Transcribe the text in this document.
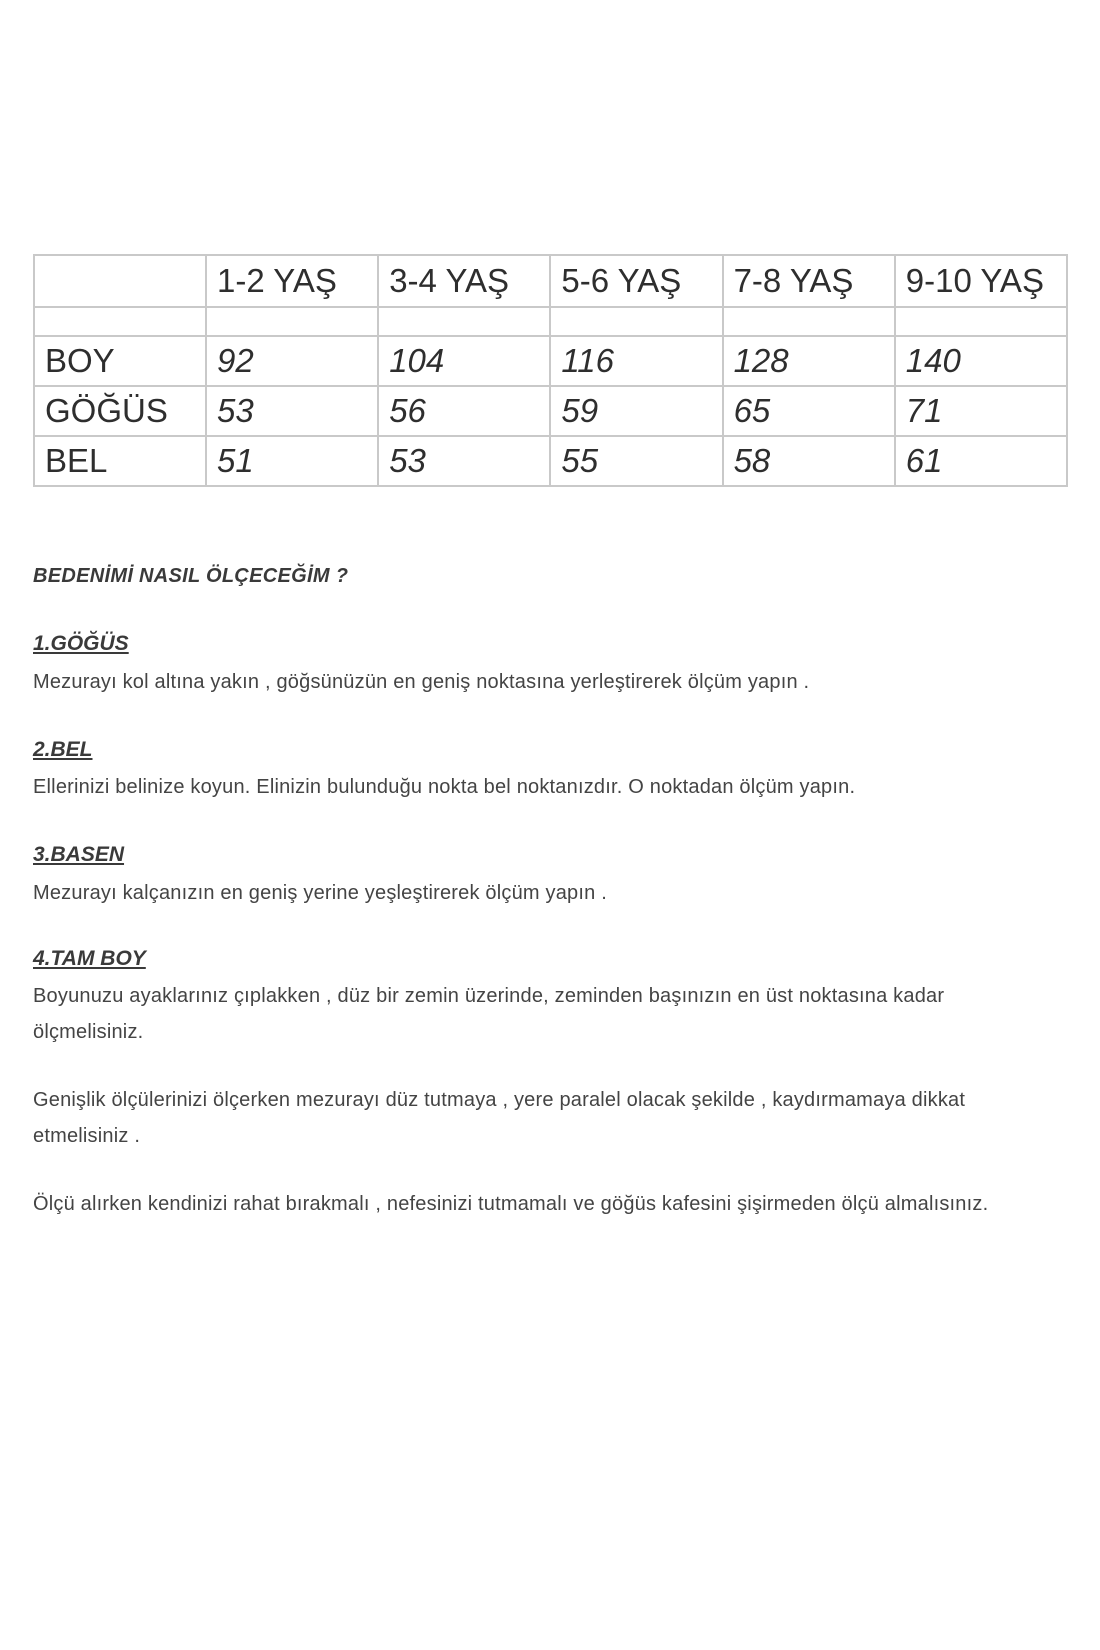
	1-2 YAŞ	3-4 YAŞ	5-6 YAŞ	7-8 YAŞ	9-10 YAŞ

BOY	92	104	116	128	140
GÖĞÜS	53	56	59	65	71
BEL	51	53	55	58	61
BEDENİMİ NASIL ÖLÇECEĞİM ?
1.GÖĞÜS
Mezurayı kol altına yakın , göğsünüzün en geniş noktasına yerleştirerek ölçüm yapın .
2.BEL
Ellerinizi belinize koyun. Elinizin bulunduğu nokta bel noktanızdır. O noktadan ölçüm yapın.
3.BASEN
Mezurayı kalçanızın en geniş yerine yeşleştirerek ölçüm yapın .
4.TAM BOY
Boyunuzu ayaklarınız çıplakken , düz bir zemin üzerinde, zeminden başınızın en üst noktasına kadar ölçmelisiniz.
Genişlik ölçülerinizi ölçerken mezurayı düz tutmaya , yere paralel olacak şekilde , kaydırmamaya dikkat etmelisiniz .
Ölçü alırken kendinizi rahat bırakmalı , nefesinizi tutmamalı ve göğüs kafesini şişirmeden ölçü almalısınız.
